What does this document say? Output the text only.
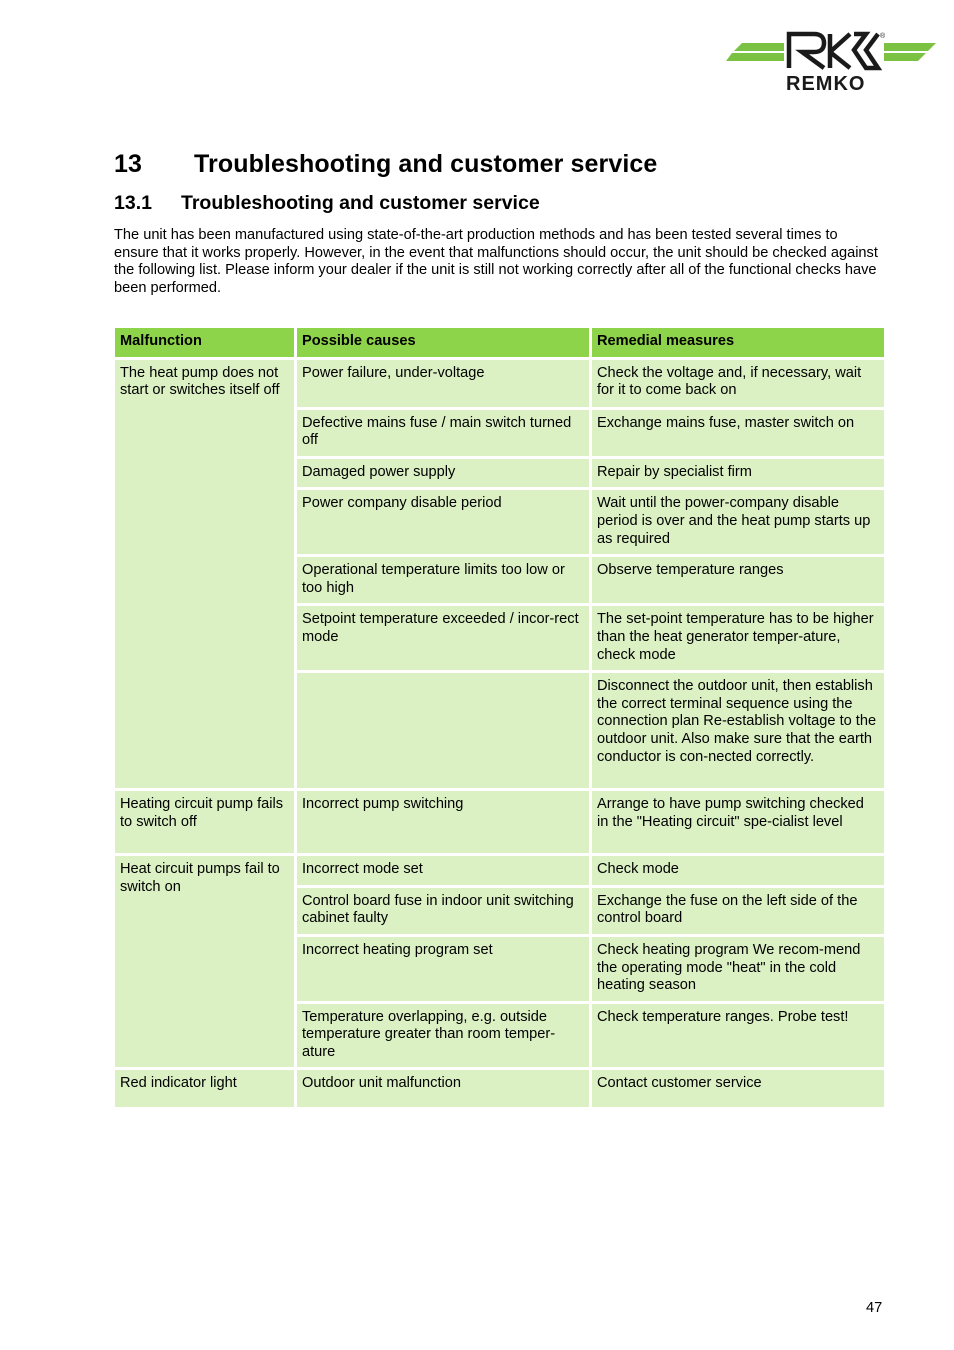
®
REMKO
13 Troubleshooting and customer service
13.1 Troubleshooting and customer service

The unit has been manufactured using state-of-the-art production methods and has been tested several times to ensure that it works properly. However, in the event that malfunctions should occur, the unit should be checked against the following list. Please inform your dealer if the unit is still not working correctly after all of the functional checks have been performed.

Malfunction	Possible causes	Remedial measures
The heat pump does not start or switches itself off	Power failure, under-voltage	Check the voltage and, if necessary, wait for it to come back on
	Defective mains fuse / main switch turned off	Exchange mains fuse, master switch on
	Damaged power supply	Repair by specialist firm
	Power company disable period	Wait until the power-company disable period is over and the heat pump starts up as required
	Operational temperature limits too low or too high	Observe temperature ranges
	Setpoint temperature exceeded / incor-rect mode	The set-point temperature has to be higher than the heat generator temper-ature, check mode
		Disconnect the outdoor unit, then establish the correct terminal sequence using the connection plan Re-establish voltage to the outdoor unit. Also make sure that the earth conductor is con-nected correctly.
Heating circuit pump fails to switch off	Incorrect pump switching	Arrange to have pump switching checked in the "Heating circuit" spe-cialist level
Heat circuit pumps fail to switch on	Incorrect mode set	Check mode
	Control board fuse in indoor unit switching cabinet faulty	Exchange the fuse on the left side of the control board
	Incorrect heating program set	Check heating program We recom-mend the operating mode "heat" in the cold heating season
	Temperature overlapping, e.g. outside temperature greater than room temper-ature	Check temperature ranges. Probe test!
Red indicator light	Outdoor unit malfunction	Contact customer service
47
